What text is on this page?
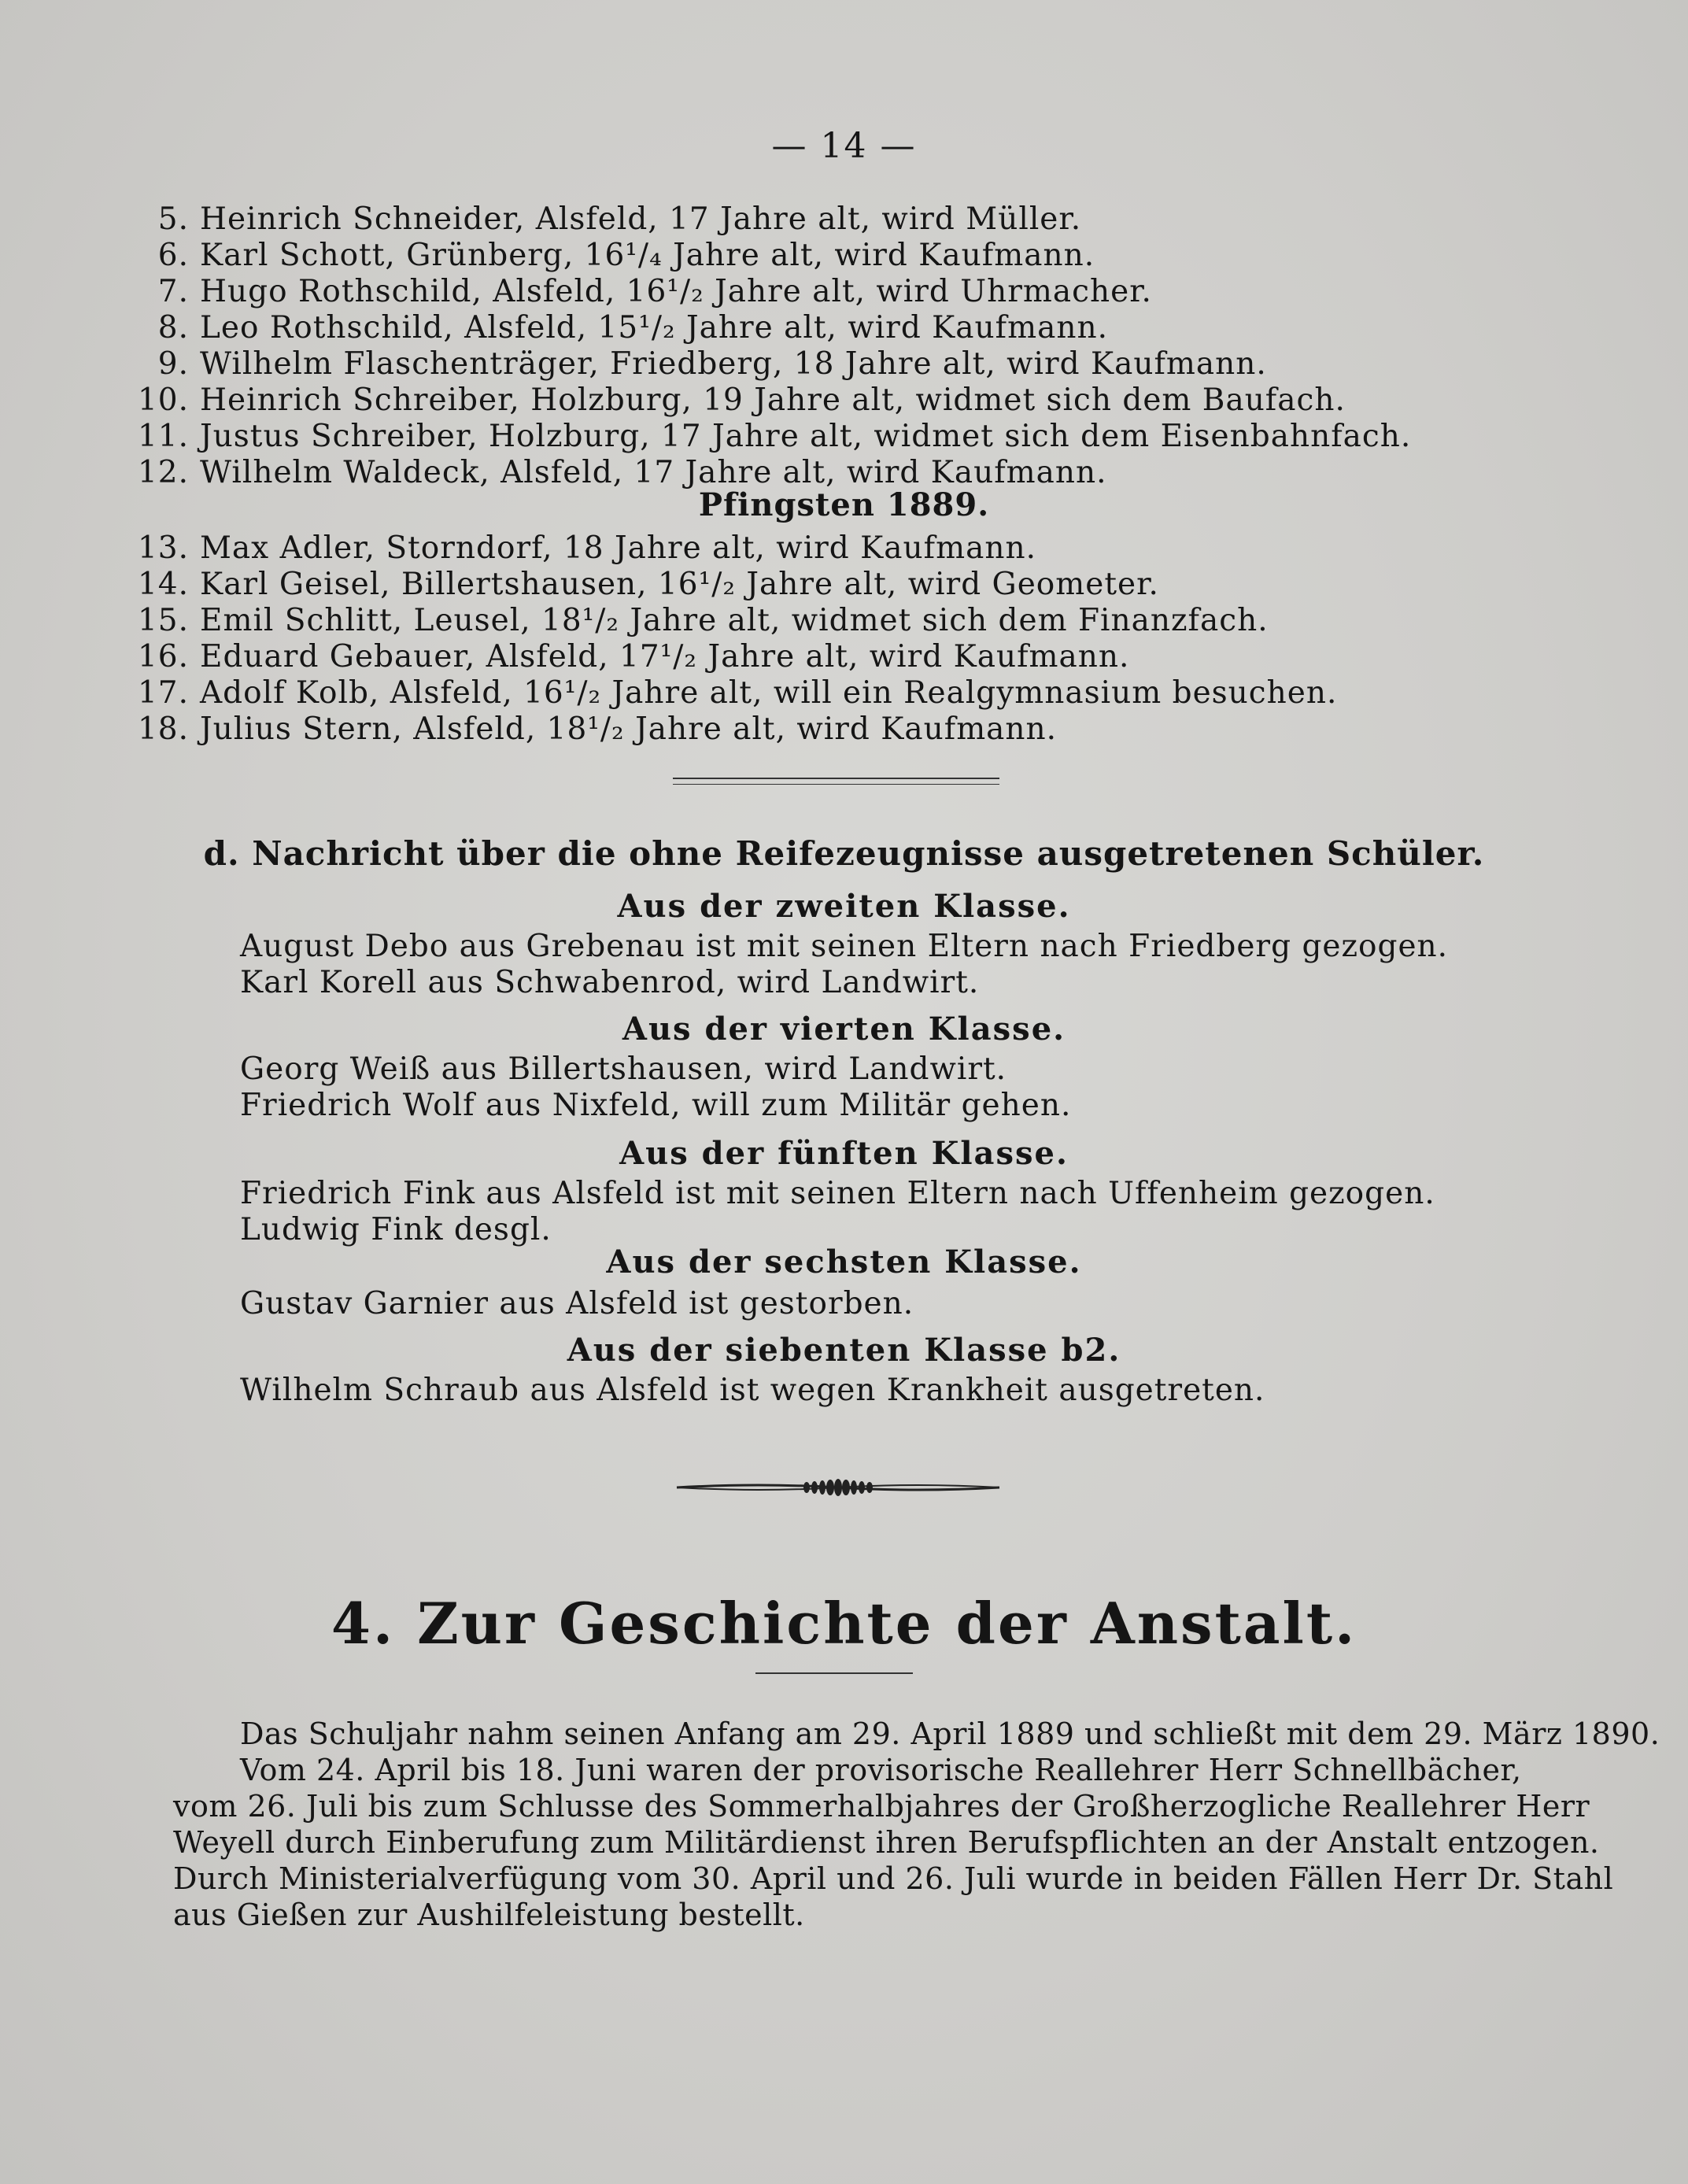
— 14 —
5. Heinrich Schneider, Alsfeld, 17 Jahre alt, wird Müller.
6. Karl Schott, Grünberg, 16¹/₄ Jahre alt, wird Kaufmann.
7. Hugo Rothschild, Alsfeld, 16¹/₂ Jahre alt, wird Uhrmacher.
8. Leo Rothschild, Alsfeld, 15¹/₂ Jahre alt, wird Kaufmann.
9. Wilhelm Flaschenträger, Friedberg, 18 Jahre alt, wird Kaufmann.
10. Heinrich Schreiber, Holzburg, 19 Jahre alt, widmet sich dem Baufach.
11. Justus Schreiber, Holzburg, 17 Jahre alt, widmet sich dem Eisenbahnfach.
12. Wilhelm Waldeck, Alsfeld, 17 Jahre alt, wird Kaufmann.
Pfingsten 1889.
13. Max Adler, Storndorf, 18 Jahre alt, wird Kaufmann.
14. Karl Geisel, Billertshausen, 16¹/₂ Jahre alt, wird Geometer.
15. Emil Schlitt, Leusel, 18¹/₂ Jahre alt, widmet sich dem Finanzfach.
16. Eduard Gebauer, Alsfeld, 17¹/₂ Jahre alt, wird Kaufmann.
17. Adolf Kolb, Alsfeld, 16¹/₂ Jahre alt, will ein Realgymnasium besuchen.
18. Julius Stern, Alsfeld, 18¹/₂ Jahre alt, wird Kaufmann.
d. Nachricht über die ohne Reifezeugnisse ausgetretenen Schüler.
Aus der zweiten Klasse.
August Debo aus Grebenau ist mit seinen Eltern nach Friedberg gezogen.
Karl Korell aus Schwabenrod, wird Landwirt.
Aus der vierten Klasse.
Georg Weiß aus Billertshausen, wird Landwirt.
Friedrich Wolf aus Nixfeld, will zum Militär gehen.
Aus der fünften Klasse.
Friedrich Fink aus Alsfeld ist mit seinen Eltern nach Uffenheim gezogen.
Ludwig Fink desgl.
Aus der sechsten Klasse.
Gustav Garnier aus Alsfeld ist gestorben.
Aus der siebenten Klasse b2.
Wilhelm Schraub aus Alsfeld ist wegen Krankheit ausgetreten.
4. Zur Geschichte der Anstalt.
Das Schuljahr nahm seinen Anfang am 29. April 1889 und schließt mit dem 29. März 1890.
Vom 24. April bis 18. Juni waren der provisorische Reallehrer Herr Schnellbächer,
vom 26. Juli bis zum Schlusse des Sommerhalbjahres der Großherzogliche Reallehrer Herr
Weyell durch Einberufung zum Militärdienst ihren Berufspflichten an der Anstalt entzogen.
Durch Ministerialverfügung vom 30. April und 26. Juli wurde in beiden Fällen Herr Dr. Stahl
aus Gießen zur Aushilfeleistung bestellt.
